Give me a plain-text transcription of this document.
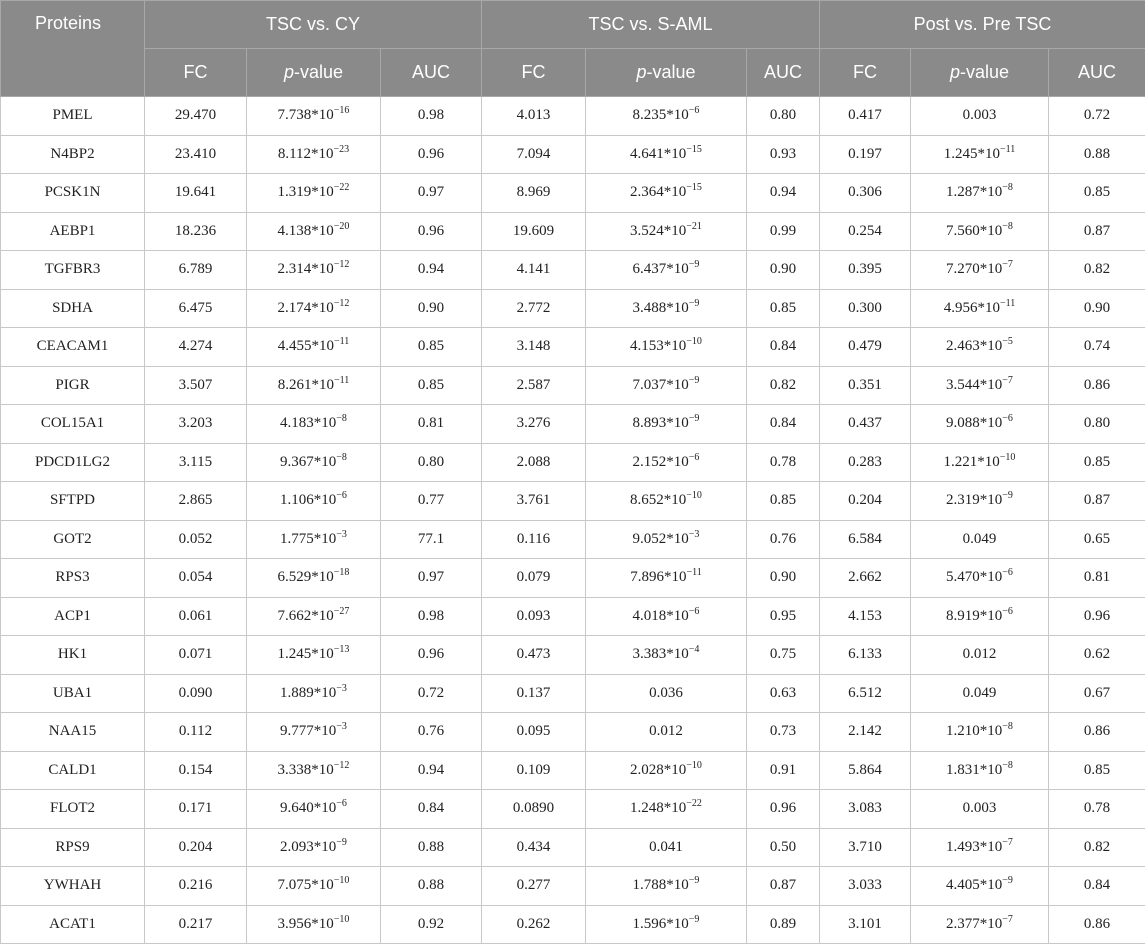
Proteins	TSC vs. CY			TSC vs. S-AML			Post vs. Pre TSC		
	FC	p-value	AUC	FC	p-value	AUC	FC	p-value	AUC
PMEL	29.470	$7.738*10^{-16}$	0.98	4.013	$8.235*10^{-6}$	0.80	0.417	0.003	0.72
N4BP2	23.410	$8.112*10^{-23}$	0.96	7.094	$4.641*10^{-15}$	0.93	0.197	$1.245*10^{-11}$	0.88
PCSK1N	19.641	$1.319*10^{-22}$	0.97	8.969	$2.364*10^{-15}$	0.94	0.306	$1.287*10^{-8}$	0.85
AEBP1	18.236	$4.138*10^{-20}$	0.96	19.609	$3.524*10^{-21}$	0.99	0.254	$7.560*10^{-8}$	0.87
TGFBR3	6.789	$2.314*10^{-12}$	0.94	4.141	$6.437*10^{-9}$	0.90	0.395	$7.270*10^{-7}$	0.82
SDHA	6.475	$2.174*10^{-12}$	0.90	2.772	$3.488*10^{-9}$	0.85	0.300	$4.956*10^{-11}$	0.90
CEACAM1	4.274	$4.455*10^{-11}$	0.85	3.148	$4.153*10^{-10}$	0.84	0.479	$2.463*10^{-5}$	0.74
PIGR	3.507	$8.261*10^{-11}$	0.85	2.587	$7.037*10^{-9}$	0.82	0.351	$3.544*10^{-7}$	0.86
COL15A1	3.203	$4.183*10^{-8}$	0.81	3.276	$8.893*10^{-9}$	0.84	0.437	$9.088*10^{-6}$	0.80
PDCD1LG2	3.115	$9.367*10^{-8}$	0.80	2.088	$2.152*10^{-6}$	0.78	0.283	$1.221*10^{-10}$	0.85
SFTPD	2.865	$1.106*10^{-6}$	0.77	3.761	$8.652*10^{-10}$	0.85	0.204	$2.319*10^{-9}$	0.87
GOT2	0.052	$1.775*10^{-3}$	77.1	0.116	$9.052*10^{-3}$	0.76	6.584	0.049	0.65
RPS3	0.054	$6.529*10^{-18}$	0.97	0.079	$7.896*10^{-11}$	0.90	2.662	$5.470*10^{-6}$	0.81
ACP1	0.061	$7.662*10^{-27}$	0.98	0.093	$4.018*10^{-6}$	0.95	4.153	$8.919*10^{-6}$	0.96
HK1	0.071	$1.245*10^{-13}$	0.96	0.473	$3.383*10^{-4}$	0.75	6.133	0.012	0.62
UBA1	0.090	$1.889*10^{-3}$	0.72	0.137	0.036	0.63	6.512	0.049	0.67
NAA15	0.112	$9.777*10^{-3}$	0.76	0.095	0.012	0.73	2.142	$1.210*10^{-8}$	0.86
CALD1	0.154	$3.338*10^{-12}$	0.94	0.109	$2.028*10^{-10}$	0.91	5.864	$1.831*10^{-8}$	0.85
FLOT2	0.171	$9.640*10^{-6}$	0.84	0.0890	$1.248*10^{-22}$	0.96	3.083	0.003	0.78
RPS9	0.204	$2.093*10^{-9}$	0.88	0.434	0.041	0.50	3.710	$1.493*10^{-7}$	0.82
YWHAH	0.216	$7.075*10^{-10}$	0.88	0.277	$1.788*10^{-9}$	0.87	3.033	$4.405*10^{-9}$	0.84
ACAT1	0.217	$3.956*10^{-10}$	0.92	0.262	$1.596*10^{-9}$	0.89	3.101	$2.377*10^{-7}$	0.86
